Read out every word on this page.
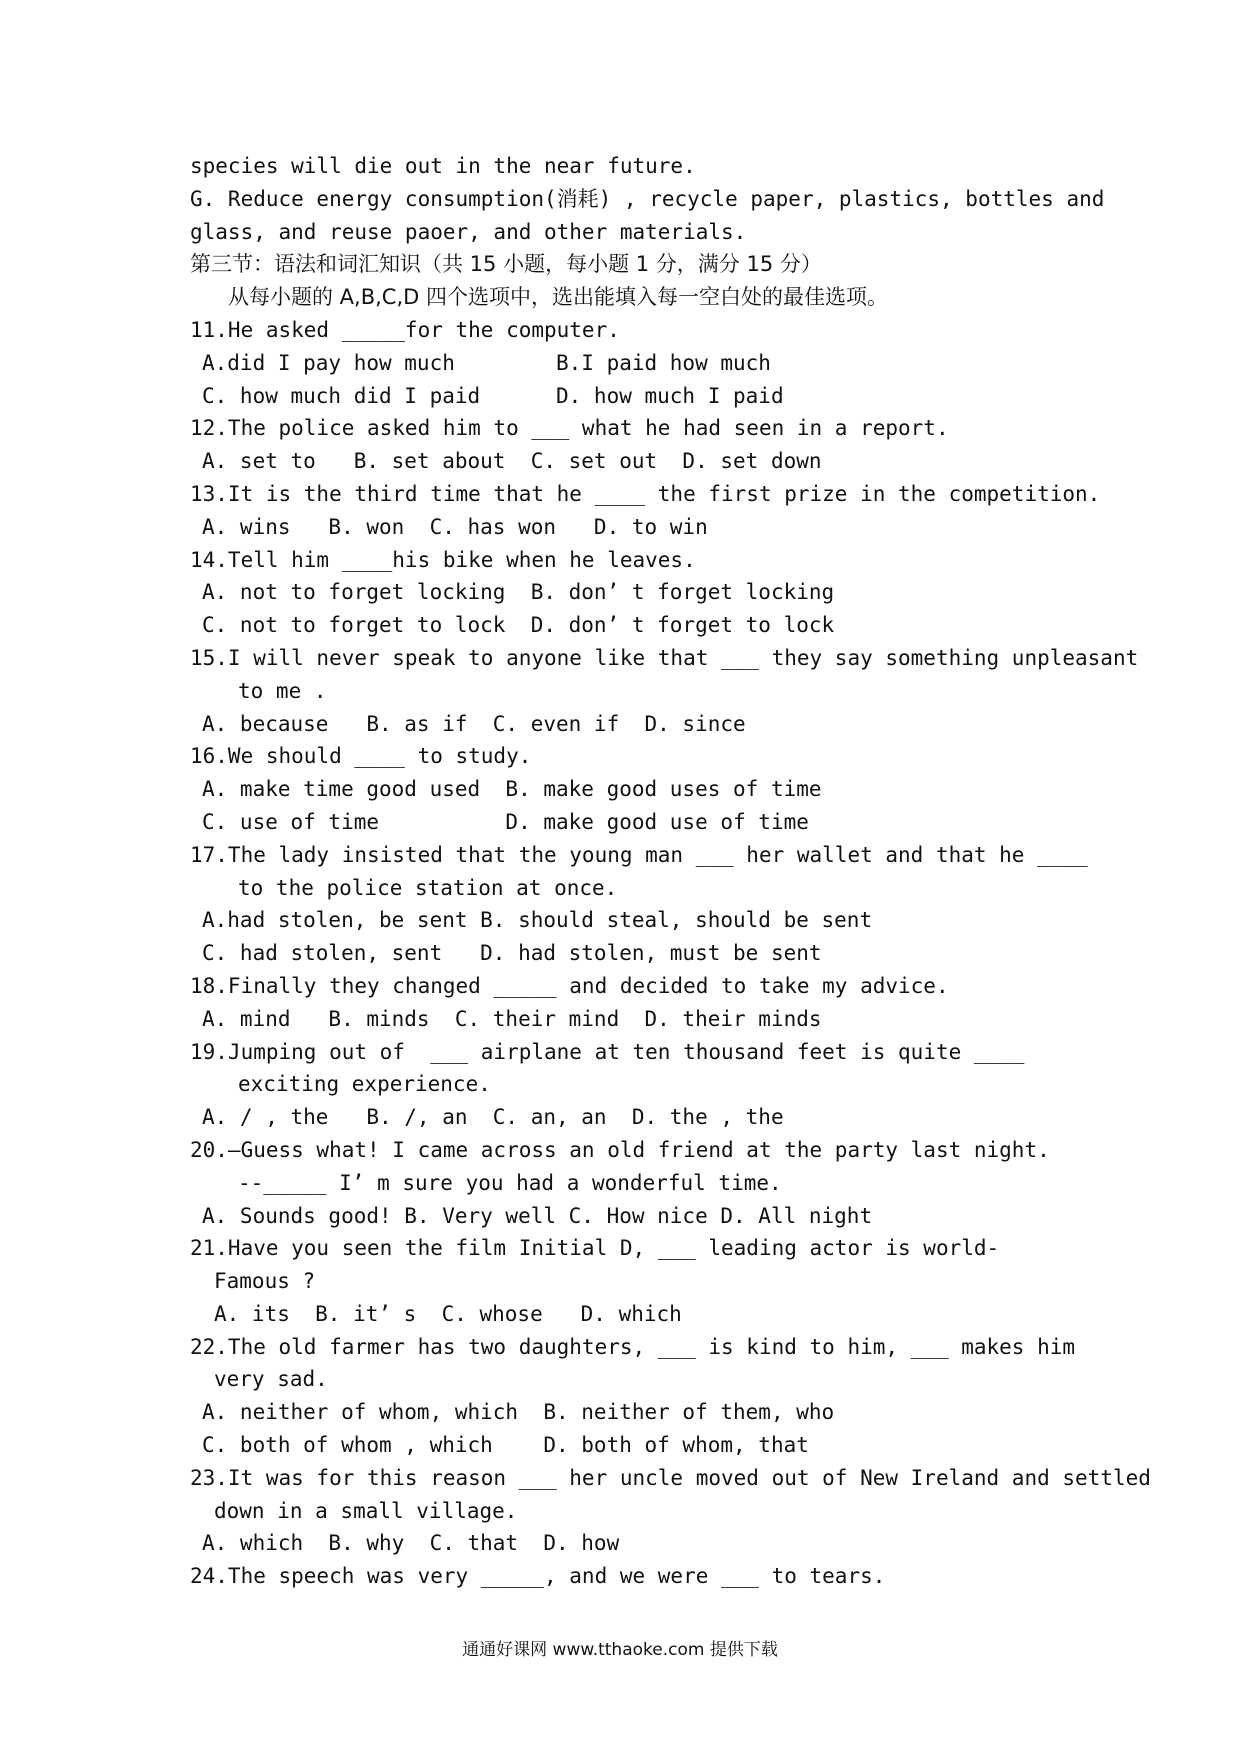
species will die out in the near future.
G. Reduce energy consumption(消耗) , recycle paper, plastics, bottles and
glass, and reuse paoer, and other materials.
第三节：语法和词汇知识（共 15 小题，每小题 1 分，满分 15 分）
从每小题的 A,B,C,D 四个选项中，选出能填入每一空白处的最佳选项。
11.He asked _____for the computer.
A.did I pay how much        B.I paid how much
C. how much did I paid      D. how much I paid
12.The police asked him to ___ what he had seen in a report.
A. set to   B. set about  C. set out  D. set down
13.It is the third time that he ____ the first prize in the competition.
A. wins   B. won  C. has won   D. to win
14.Tell him ____his bike when he leaves.
A. not to forget locking  B. don’ t forget locking
C. not to forget to lock  D. don’ t forget to lock
15.I will never speak to anyone like that ___ they say something unpleasant
to me .
A. because   B. as if  C. even if  D. since
16.We should ____ to study.
A. make time good used  B. make good uses of time
C. use of time          D. make good use of time
17.The lady insisted that the young man ___ her wallet and that he ____
to the police station at once.
A.had stolen, be sent B. should steal, should be sent
C. had stolen, sent   D. had stolen, must be sent
18.Finally they changed _____ and decided to take my advice.
A. mind   B. minds  C. their mind  D. their minds
19.Jumping out of  ___ airplane at ten thousand feet is quite ____
exciting experience.
A. / , the   B. /, an  C. an, an  D. the , the
20.—Guess what! I came across an old friend at the party last night.
--_____ I’ m sure you had a wonderful time.
A. Sounds good! B. Very well C. How nice D. All night
21.Have you seen the film Initial D, ___ leading actor is world-
Famous ?
A. its  B. it’ s  C. whose   D. which
22.The old farmer has two daughters, ___ is kind to him, ___ makes him
very sad.
A. neither of whom, which  B. neither of them, who
C. both of whom , which    D. both of whom, that
23.It was for this reason ___ her uncle moved out of New Ireland and settled
down in a small village.
A. which  B. why  C. that  D. how
24.The speech was very _____, and we were ___ to tears.
通通好课网 www.tthaoke.com 提供下载
